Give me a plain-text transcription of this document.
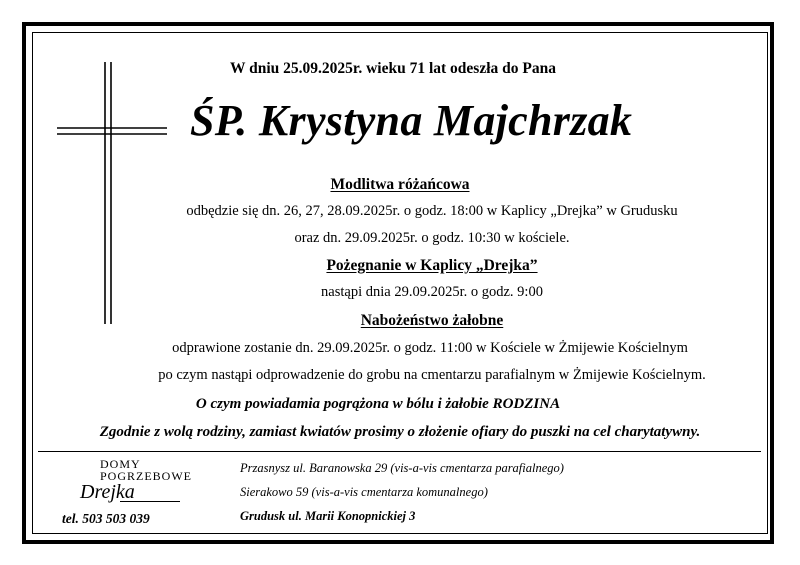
W dniu 25.09.2025r. wieku 71 lat odeszła do Pana
ŚP. Krystyna Majchrzak
Modlitwa różańcowa
odbędzie się dn. 26, 27, 28.09.2025r. o godz. 18:00 w Kaplicy „Drejka” w Grudusku
oraz dn. 29.09.2025r. o godz. 10:30 w kościele.
Pożegnanie w Kaplicy „Drejka”
nastąpi dnia 29.09.2025r. o godz. 9:00
Nabożeństwo żałobne
odprawione zostanie dn. 29.09.2025r. o godz. 11:00 w Kościele w Żmijewie Kościelnym
po czym nastąpi odprowadzenie do grobu na cmentarzu parafialnym w Żmijewie Kościelnym.
O czym powiadamia pogrążona w bólu i żałobie RODZINA
Zgodnie z wolą rodziny, zamiast kwiatów prosimy o złożenie ofiary do puszki na cel charytatywny.
DOMY
POGRZEBOWE
Drejka
tel. 503 503 039
Przasnysz ul. Baranowska 29 (vis-a-vis cmentarza parafialnego)
Sierakowo 59 (vis-a-vis cmentarza komunalnego)
Grudusk ul. Marii Konopnickiej 3
